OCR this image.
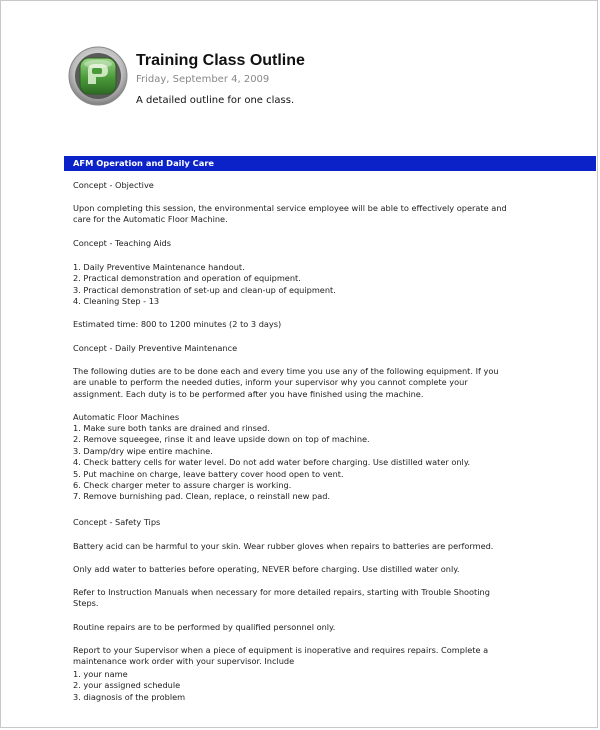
Training Class Outline
Friday, September 4, 2009
A detailed outline for one class.
AFM Operation and Daily Care

Concept - Objective

Upon completing this session, the environmental service employee will be able to effectively operate and
care for the Automatic Floor Machine.

Concept - Teaching Aids

1. Daily Preventive Maintenance handout.
2. Practical demonstration and operation of equipment.
3. Practical demonstration of set-up and clean-up of equipment.
4. Cleaning Step - 13

Estimated time: 800 to 1200 minutes (2 to 3 days)

Concept - Daily Preventive Maintenance

The following duties are to be done each and every time you use any of the following equipment. If you
are unable to perform the needed duties, inform your supervisor why you cannot complete your
assignment. Each duty is to be performed after you have finished using the machine.

Automatic Floor Machines

1. Make sure both tanks are drained and rinsed.
2. Remove squeegee, rinse it and leave upside down on top of machine.
3. Damp/dry wipe entire machine.
4. Check battery cells for water level. Do not add water before charging. Use distilled water only.
5. Put machine on charge, leave battery cover hood open to vent.
6. Check charger meter to assure charger is working.
7. Remove burnishing pad. Clean, replace, o reinstall new pad.

Concept - Safety Tips

Battery acid can be harmful to your skin. Wear rubber gloves when repairs to batteries are performed.

Only add water to batteries before operating, NEVER before charging. Use distilled water only.

Refer to Instruction Manuals when necessary for more detailed repairs, starting with Trouble Shooting
Steps.

Routine repairs are to be performed by qualified personnel only.

Report to your Supervisor when a piece of equipment is inoperative and requires repairs. Complete a
maintenance work order with your supervisor. Include

1. your name
2. your assigned schedule
3. diagnosis of the problem
